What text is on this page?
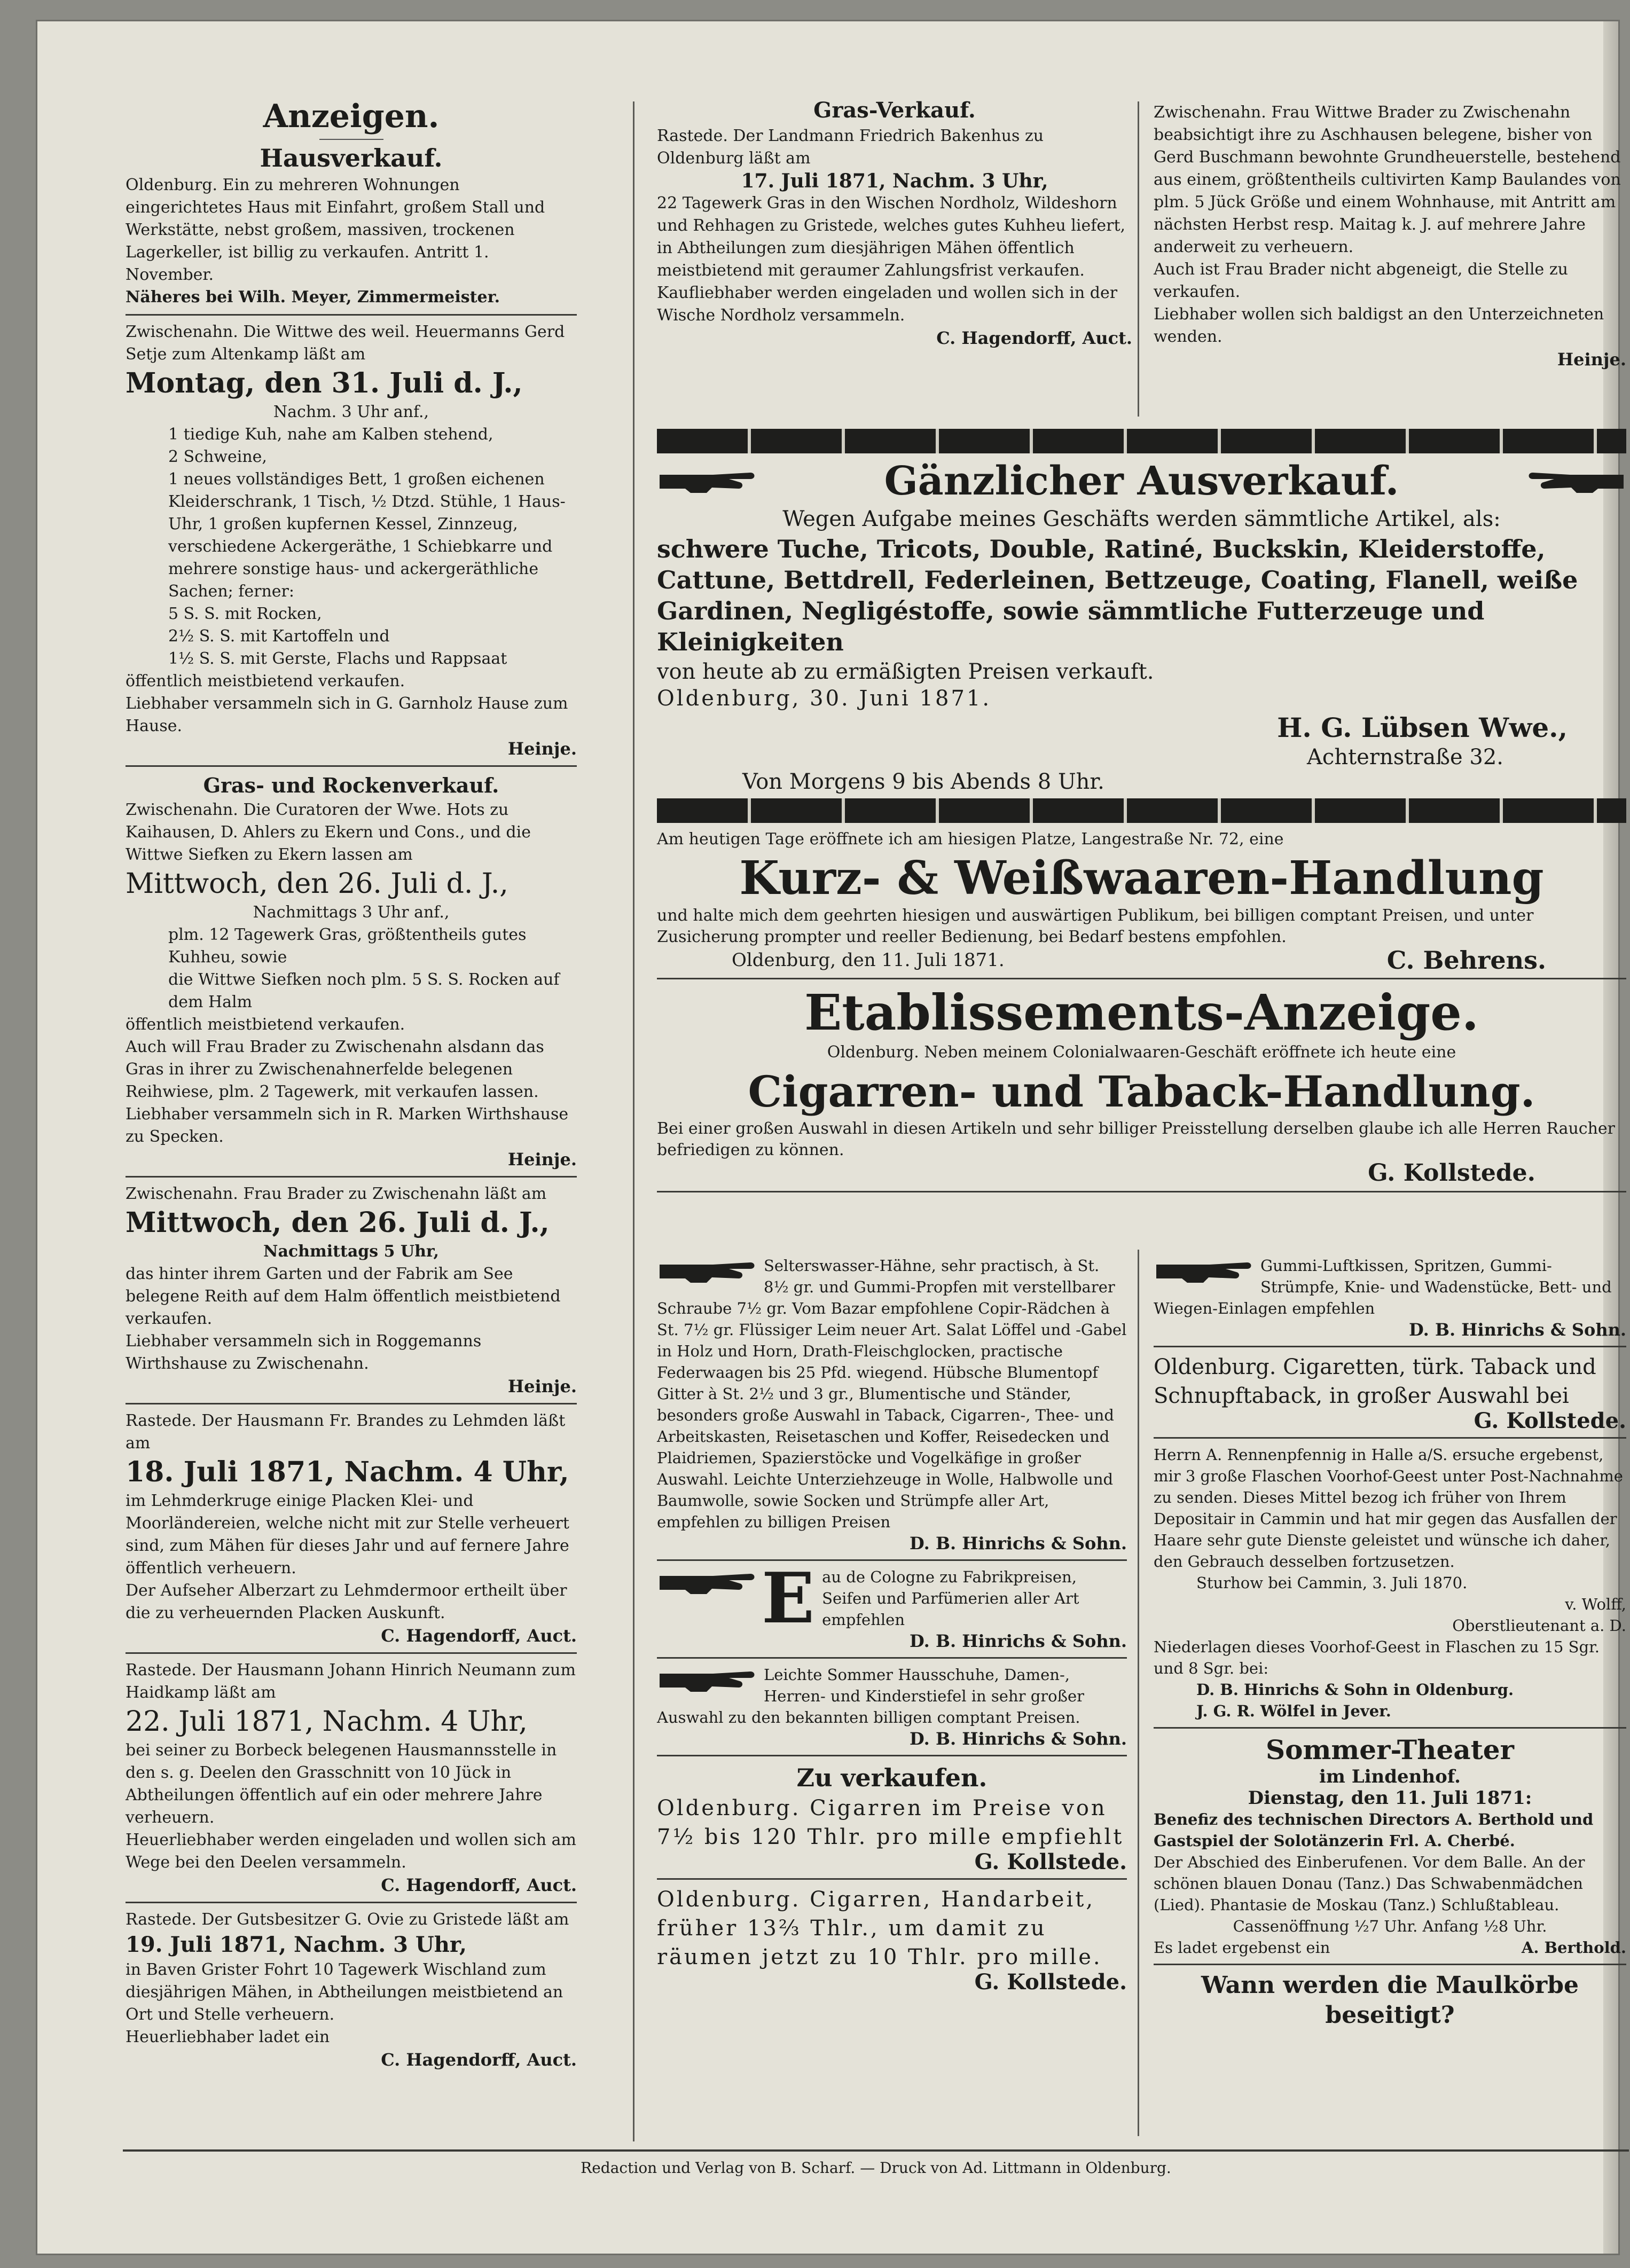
Anzeigen.
Hausverkauf.

Oldenburg. Ein zu mehreren Wohnungen eingerichtetes Haus mit Einfahrt, großem Stall und Werkstätte, nebst großem, massiven, trockenen Lagerkeller, ist billig zu verkaufen. Antritt 1. November.

Näheres bei Wilh. Meyer, Zimmermeister.

Zwischenahn. Die Wittwe des weil. Heuermanns Gerd Setje zum Altenkamp läßt am

Montag, den 31. Juli d. J.,

Nachm. 3 Uhr anf.,

1 tiedige Kuh, nahe am Kalben stehend,

2 Schweine,

1 neues vollständiges Bett, 1 großen eichenen Kleiderschrank, 1 Tisch, ½ Dtzd. Stühle, 1 Haus-Uhr, 1 großen kupfernen Kessel, Zinnzeug, verschiedene Ackergeräthe, 1 Schiebkarre und mehrere sonstige haus- und ackergeräthliche Sachen; ferner:

5 S. S. mit Rocken,

2½ S. S. mit Kartoffeln und

1½ S. S. mit Gerste, Flachs und Rappsaat

öffentlich meistbietend verkaufen.

Liebhaber versammeln sich in G. Garnholz Hause zum Hause.

Heinje.

Gras- und Rockenverkauf.

Zwischenahn. Die Curatoren der Wwe. Hots zu Kaihausen, D. Ahlers zu Ekern und Cons., und die Wittwe Siefken zu Ekern lassen am

Mittwoch, den 26. Juli d. J.,

Nachmittags 3 Uhr anf.,

plm. 12 Tagewerk Gras, größtentheils gutes Kuhheu, sowie

die Wittwe Siefken noch plm. 5 S. S. Rocken auf dem Halm

öffentlich meistbietend verkaufen.

Auch will Frau Brader zu Zwischenahn alsdann das Gras in ihrer zu Zwischenahnerfelde belegenen Reihwiese, plm. 2 Tagewerk, mit verkaufen lassen.

Liebhaber versammeln sich in R. Marken Wirthshause zu Specken.

Heinje.

Zwischenahn. Frau Brader zu Zwischenahn läßt am

Mittwoch, den 26. Juli d. J.,

Nachmittags 5 Uhr,

das hinter ihrem Garten und der Fabrik am See belegene Reith auf dem Halm öffentlich meistbietend verkaufen.

Liebhaber versammeln sich in Roggemanns Wirthshause zu Zwischenahn.

Heinje.

Rastede. Der Hausmann Fr. Brandes zu Lehmden läßt am

18. Juli 1871, Nachm. 4 Uhr,

im Lehmderkruge einige Placken Klei- und Moorländereien, welche nicht mit zur Stelle verheuert sind, zum Mähen für dieses Jahr und auf fernere Jahre öffentlich verheuern.

Der Aufseher Alberzart zu Lehmdermoor ertheilt über die zu verheuernden Placken Auskunft.

C. Hagendorff, Auct.

Rastede. Der Hausmann Johann Hinrich Neumann zum Haidkamp läßt am

22. Juli 1871, Nachm. 4 Uhr,

bei seiner zu Borbeck belegenen Hausmannsstelle in den s. g. Deelen den Grasschnitt von 10 Jück in Abtheilungen öffentlich auf ein oder mehrere Jahre verheuern.

Heuerliebhaber werden eingeladen und wollen sich am Wege bei den Deelen versammeln.

C. Hagendorff, Auct.

Rastede. Der Gutsbesitzer G. Ovie zu Gristede läßt am

19. Juli 1871, Nachm. 3 Uhr,

in Baven Grister Fohrt 10 Tagewerk Wischland zum diesjährigen Mähen, in Abtheilungen meistbietend an Ort und Stelle verheuern.

Heuerliebhaber ladet ein

C. Hagendorff, Auct.

Gras-Verkauf.

Rastede. Der Landmann Friedrich Bakenhus zu Oldenburg läßt am

17. Juli 1871, Nachm. 3 Uhr,

22 Tagewerk Gras in den Wischen Nordholz, Wildeshorn und Rehhagen zu Gristede, welches gutes Kuhheu liefert, in Abtheilungen zum diesjährigen Mähen öffentlich meistbietend mit geraumer Zahlungsfrist verkaufen.

Kaufliebhaber werden eingeladen und wollen sich in der Wische Nordholz versammeln.

C. Hagendorff, Auct.

Zwischenahn. Frau Wittwe Brader zu Zwischenahn beabsichtigt ihre zu Aschhausen belegene, bisher von Gerd Buschmann bewohnte Grundheuerstelle, bestehend aus einem, größtentheils cultivirten Kamp Baulandes von plm. 5 Jück Größe und einem Wohnhause, mit Antritt am nächsten Herbst resp. Maitag k. J. auf mehrere Jahre anderweit zu verheuern.

Auch ist Frau Brader nicht abgeneigt, die Stelle zu verkaufen.

Liebhaber wollen sich baldigst an den Unterzeichneten wenden.

Heinje.

Gänzlicher Ausverkauf.

Wegen Aufgabe meines Geschäfts werden sämmtliche Artikel, als:

schwere Tuche, Tricots, Double, Ratiné, Buckskin, Kleiderstoffe, Cattune, Bettdrell, Federleinen, Bettzeuge, Coating, Flanell, weiße Gardinen, Negligéstoffe, sowie sämmtliche Futterzeuge und Kleinigkeiten

von heute ab zu ermäßigten Preisen verkauft.

Oldenburg, 30. Juni 1871.

H. G. Lübsen Wwe.,

Achternstraße 32.

Von Morgens 9 bis Abends 8 Uhr.

Am heutigen Tage eröffnete ich am hiesigen Platze, Langestraße Nr. 72, eine

Kurz- & Weißwaaren-Handlung

und halte mich dem geehrten hiesigen und auswärtigen Publikum, bei billigen comptant Preisen, und unter Zusicherung prompter und reeller Bedienung, bei Bedarf bestens empfohlen.

Oldenburg, den 11. Juli 1871.	C. Behrens.

Etablissements-Anzeige.

Oldenburg. Neben meinem Colonialwaaren-Geschäft eröffnete ich heute eine

Cigarren- und Taback-Handlung.

Bei einer großen Auswahl in diesen Artikeln und sehr billiger Preisstellung derselben glaube ich alle Herren Raucher befriedigen zu können.

G. Kollstede.

Selterswasser-Hähne, sehr practisch, à St. 8½ gr. und Gummi-Propfen mit verstellbarer Schraube 7½ gr. Vom Bazar empfohlene Copir-Rädchen à St. 7½ gr. Flüssiger Leim neuer Art. Salat Löffel und -Gabel in Holz und Horn, Drath-Fleischglocken, practische Federwaagen bis 25 Pfd. wiegend. Hübsche Blumentopf Gitter à St. 2½ und 3 gr., Blumentische und Ständer, besonders große Auswahl in Taback, Cigarren-, Thee- und Arbeitskasten, Reisetaschen und Koffer, Reisedecken und Plaidriemen, Spazierstöcke und Vogelkäfige in großer Auswahl. Leichte Unterziehzeuge in Wolle, Halbwolle und Baumwolle, sowie Socken und Strümpfe aller Art, empfehlen zu billigen Preisen

D. B. Hinrichs & Sohn.

E au de Cologne zu Fabrikpreisen, Seifen und Parfümerien aller Art empfehlen

D. B. Hinrichs & Sohn.

Leichte Sommer Hausschuhe, Damen-, Herren- und Kinderstiefel in sehr großer Auswahl zu den bekannten billigen comptant Preisen.

D. B. Hinrichs & Sohn.

Zu verkaufen.

Oldenburg. Cigarren im Preise von 7½ bis 120 Thlr. pro mille empfiehlt

G. Kollstede.

Oldenburg. Cigarren, Handarbeit, früher 13⅔ Thlr., um damit zu räumen jetzt zu 10 Thlr. pro mille.

G. Kollstede.

Gummi-Luftkissen, Spritzen, Gummi-Strümpfe, Knie- und Wadenstücke, Bett- und Wiegen-Einlagen empfehlen

D. B. Hinrichs & Sohn.

Oldenburg. Cigaretten, türk. Taback und Schnupftaback, in großer Auswahl bei

G. Kollstede.

Herrn A. Rennenpfennig in Halle a/S. ersuche ergebenst, mir 3 große Flaschen Voorhof-Geest unter Post-Nachnahme zu senden. Dieses Mittel bezog ich früher von Ihrem Depositair in Cammin und hat mir gegen das Ausfallen der Haare sehr gute Dienste geleistet und wünsche ich daher, den Gebrauch desselben fortzusetzen.

Sturhow bei Cammin, 3. Juli 1870.

v. Wolff,

Oberstlieutenant a. D.

Niederlagen dieses Voorhof-Geest in Flaschen zu 15 Sgr. und 8 Sgr. bei:

D. B. Hinrichs & Sohn in Oldenburg.

J. G. R. Wölfel in Jever.

Sommer-Theater

im Lindenhof.

Dienstag, den 11. Juli 1871:

Benefiz des technischen Directors A. Berthold und Gastspiel der Solotänzerin Frl. A. Cherbé.

Der Abschied des Einberufenen. Vor dem Balle. An der schönen blauen Donau (Tanz.) Das Schwabenmädchen (Lied). Phantasie de Moskau (Tanz.) Schlußtableau.

Cassenöffnung ½7 Uhr. Anfang ½8 Uhr.

Es ladet ergebenst ein	A. Berthold.

Wann werden die Maulkörbe beseitigt?
Redaction und Verlag von B. Scharf. — Druck von Ad. Littmann in Oldenburg.
